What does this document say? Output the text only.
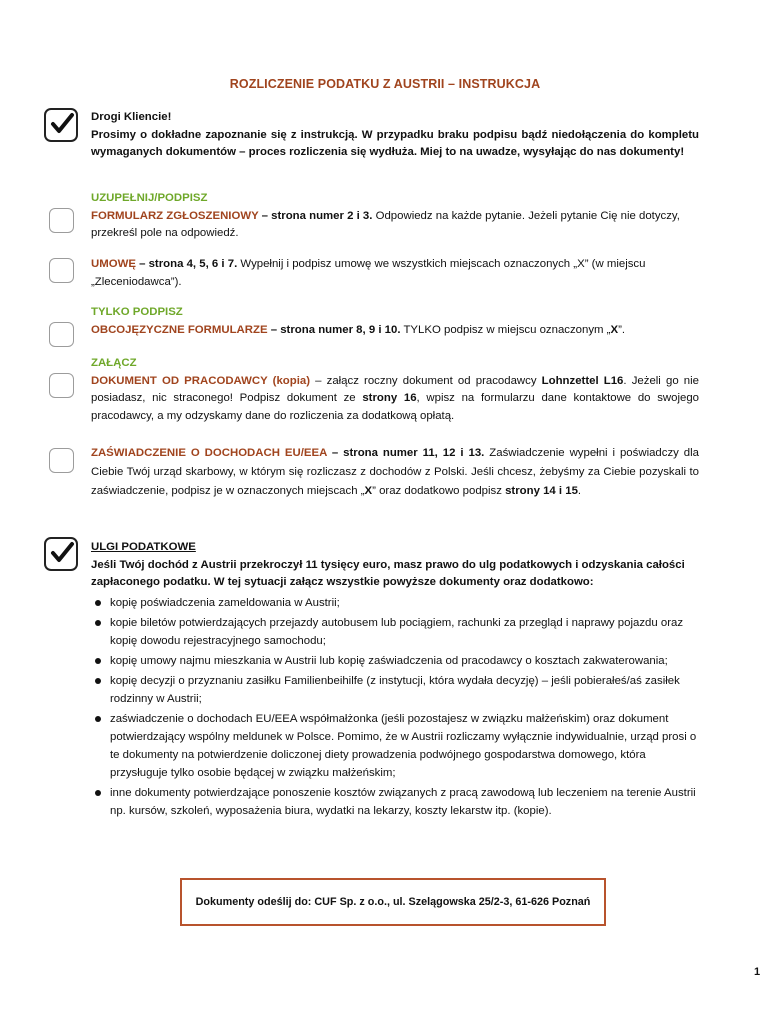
ROZLICZENIE PODATKU Z AUSTRII – INSTRUKCJA
Drogi Kliencie!
Prosimy o dokładne zapoznanie się z instrukcją. W przypadku braku podpisu bądź niedołączenia do kompletu wymaganych dokumentów – proces rozliczenia się wydłuża. Miej to na uwadze, wysyłając do nas dokumenty!
UZUPEŁNIJ/PODPISZ
FORMULARZ ZGŁOSZENIOWY – strona numer 2 i 3. Odpowiedz na każde pytanie. Jeżeli pytanie Cię nie dotyczy, przekreśl pole na odpowiedź.
UMOWĘ – strona 4, 5, 6 i 7. Wypełnij i podpisz umowę we wszystkich miejscach oznaczonych „X” (w miejscu „Zleceniodawca”).
TYLKO PODPISZ
OBCOJĘZYCZNE FORMULARZE – strona numer 8, 9 i 10. TYLKO podpisz w miejscu oznaczonym „X”.
ZAŁĄCZ
DOKUMENT OD PRACODAWCY (kopia) – załącz roczny dokument od pracodawcy Lohnzettel L16. Jeżeli go nie posiadasz, nic straconego! Podpisz dokument ze strony 16, wpisz na formularzu dane kontaktowe do swojego pracodawcy, a my odzyskamy dane do rozliczenia za dodatkową opłatą.
ZAŚWIADCZENIE O DOCHODACH EU/EEA – strona numer 11, 12 i 13. Zaświadczenie wypełni i poświadczy dla Ciebie Twój urząd skarbowy, w którym się rozliczasz z dochodów z Polski. Jeśli chcesz, żebyśmy za Ciebie pozyskali to zaświadczenie, podpisz je w oznaczonych miejscach „X” oraz dodatkowo podpisz strony 14 i 15.
ULGI PODATKOWE
Jeśli Twój dochód z Austrii przekroczył 11 tysięcy euro, masz prawo do ulg podatkowych i odzyskania całości zapłaconego podatku. W tej sytuacji załącz wszystkie powyższe dokumenty oraz dodatkowo:
kopię poświadczenia zameldowania w Austrii;
kopie biletów potwierdzających przejazdy autobusem lub pociągiem, rachunki za przegląd i naprawy pojazdu oraz kopię dowodu rejestracyjnego samochodu;
kopię umowy najmu mieszkania w Austrii lub kopię zaświadczenia od pracodawcy o kosztach zakwaterowania;
kopię decyzji o przyznaniu zasiłku Familienbeihilfe (z instytucji, która wydała decyzję) – jeśli pobierałeś/aś zasiłek rodzinny w Austrii;
zaświadczenie o dochodach EU/EEA współmałżonka (jeśli pozostajesz w związku małżeńskim) oraz dokument potwierdzający wspólny meldunek w Polsce. Pomimo, że w Austrii rozliczamy wyłącznie indywidualnie, urząd prosi o te dokumenty na potwierdzenie doliczonej diety prowadzenia podwójnego gospodarstwa domowego, która przysługuje tylko osobie będącej w związku małżeńskim;
inne dokumenty potwierdzające ponoszenie kosztów związanych z pracą zawodową lub leczeniem na terenie Austrii np. kursów, szkoleń, wyposażenia biura, wydatki na lekarzy, koszty lekarstw itp. (kopie).
Dokumenty odeślij do: CUF Sp. z o.o., ul. Szelągowska 25/2-3, 61-626 Poznań
1
